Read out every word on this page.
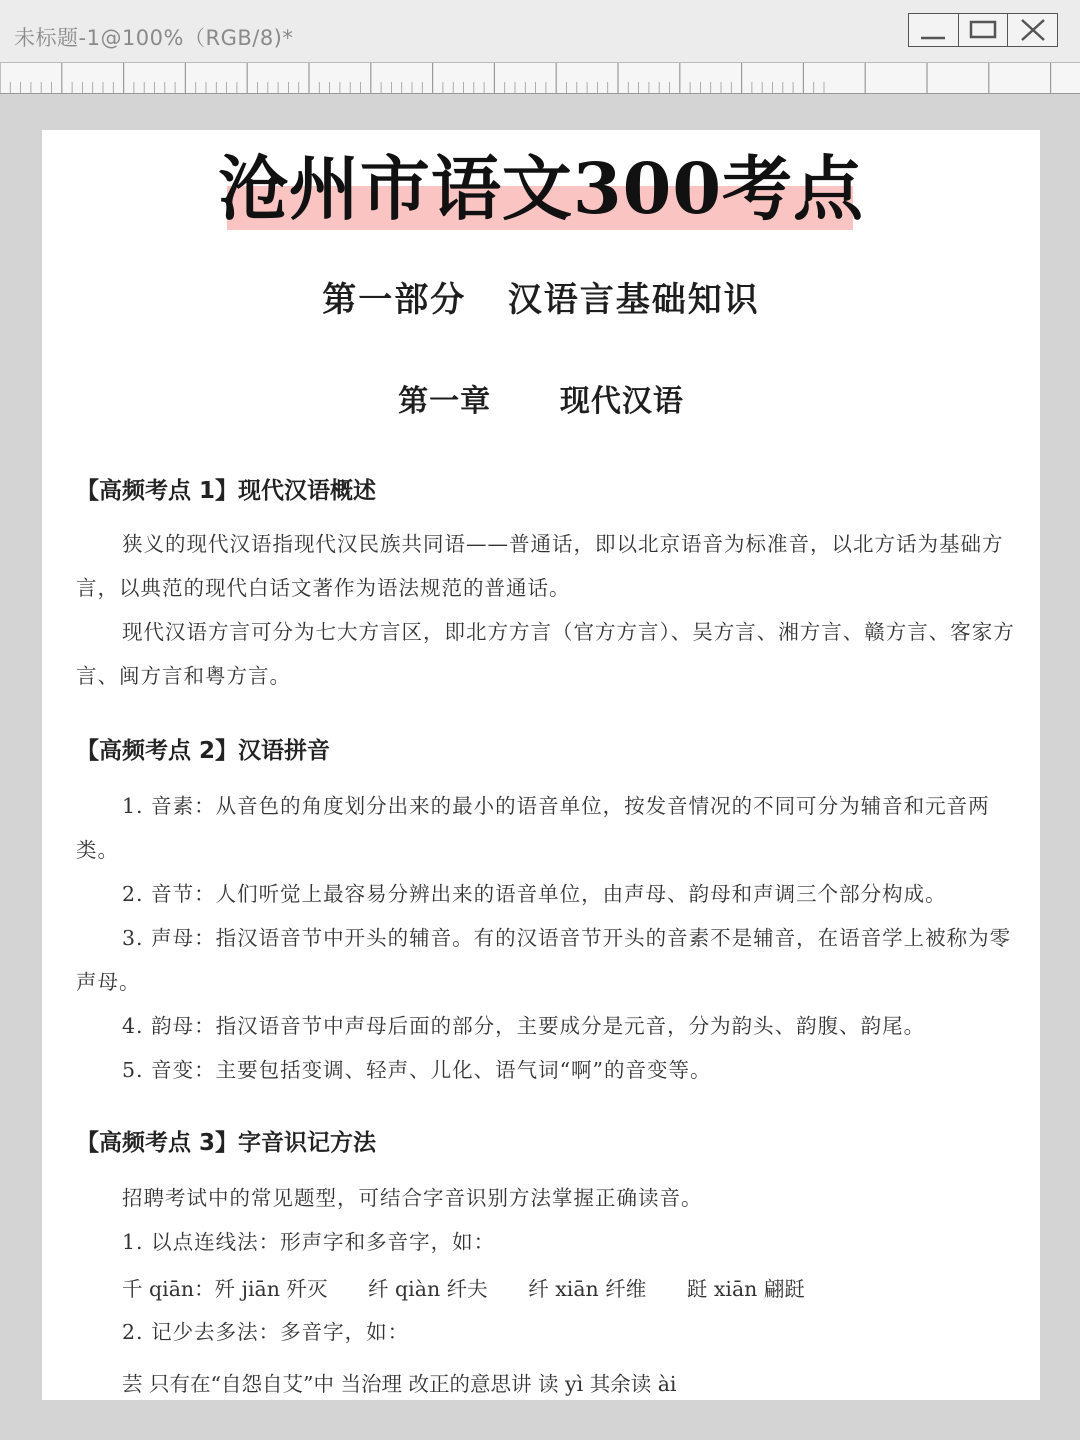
未标题-1@100%（RGB/8)*
沧州市语文300考点
第一部分   汉语言基础知识
第一章      现代汉语
【高频考点 1】现代汉语概述
狭义的现代汉语指现代汉民族共同语——普通话，即以北京语音为标准音，以北方话为基础方言，以典范的现代白话文著作为语法规范的普通话。
现代汉语方言可分为七大方言区，即北方方言（官方方言）、吴方言、湘方言、赣方言、客家方言、闽方言和粤方言。
【高频考点 2】汉语拼音
1. 音素：从音色的角度划分出来的最小的语音单位，按发音情况的不同可分为辅音和元音两类。
2. 音节：人们听觉上最容易分辨出来的语音单位，由声母、韵母和声调三个部分构成。
3. 声母：指汉语音节中开头的辅音。有的汉语音节开头的音素不是辅音，在语音学上被称为零声母。
4. 韵母：指汉语音节中声母后面的部分，主要成分是元音，分为韵头、韵腹、韵尾。
5. 音变：主要包括变调、轻声、儿化、语气词“啊”的音变等。
【高频考点 3】字音识记方法
招聘考试中的常见题型，可结合字音识别方法掌握正确读音。
1. 以点连线法：形声字和多音字，如：
千 qiān：歼 jiān 歼灭 纤 qiàn 纤夫 纤 xiān 纤维 跹 xiān 翩跹
2. 记少去多法：多音字，如：
芸 只有在“自怨自艾”中 当治理 改正的意思讲 读 yì 其余读 ài
